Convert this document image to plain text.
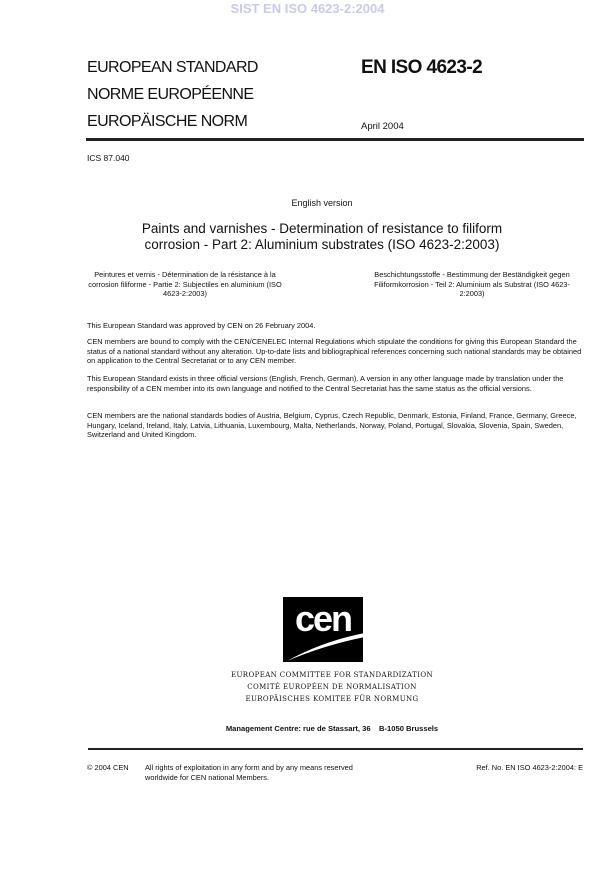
SIST EN ISO 4623-2:2004
EUROPEAN STANDARD
NORME EUROPÉENNE
EUROPÄISCHE NORM
EN ISO 4623-2
April 2004
ICS 87.040
English version
Paints and varnishes - Determination of resistance to filiform
corrosion - Part 2: Aluminium substrates (ISO 4623-2:2003)
Peintures et vernis - Détermination de la résistance à la corrosion filiforme - Partie 2: Subjectiles en aluminium (ISO 4623-2:2003)
Beschichtungsstoffe - Bestimmung der Beständigkeit gegen Filiformkorrosion - Teil 2: Aluminium als Substrat (ISO 4623-2:2003)
This European Standard was approved by CEN on 26 February 2004.
CEN members are bound to comply with the CEN/CENELEC Internal Regulations which stipulate the conditions for giving this European Standard the status of a national standard without any alteration. Up-to-date lists and bibliographical references concerning such national standards may be obtained on application to the Central Secretariat or to any CEN member.
This European Standard exists in three official versions (English, French, German). A version in any other language made by translation under the responsibility of a CEN member into its own language and notified to the Central Secretariat has the same status as the official versions.
CEN members are the national standards bodies of Austria, Belgium, Cyprus, Czech Republic, Denmark, Estonia, Finland, France, Germany, Greece, Hungary, Iceland, Ireland, Italy, Latvia, Lithuania, Luxembourg, Malta, Netherlands, Norway, Poland, Portugal, Slovakia, Slovenia, Spain, Sweden, Switzerland and United Kingdom.
cen
EUROPEAN COMMITTEE FOR STANDARDIZATION
COMITÉ EUROPÉEN DE NORMALISATION
EUROPÄISCHES KOMITEE FÜR NORMUNG
Management Centre: rue de Stassart, 36    B-1050 Brussels
© 2004 CEN All rights of exploitation in any form and by any means reserved worldwide for CEN national Members.
Ref. No. EN ISO 4623-2:2004: E
